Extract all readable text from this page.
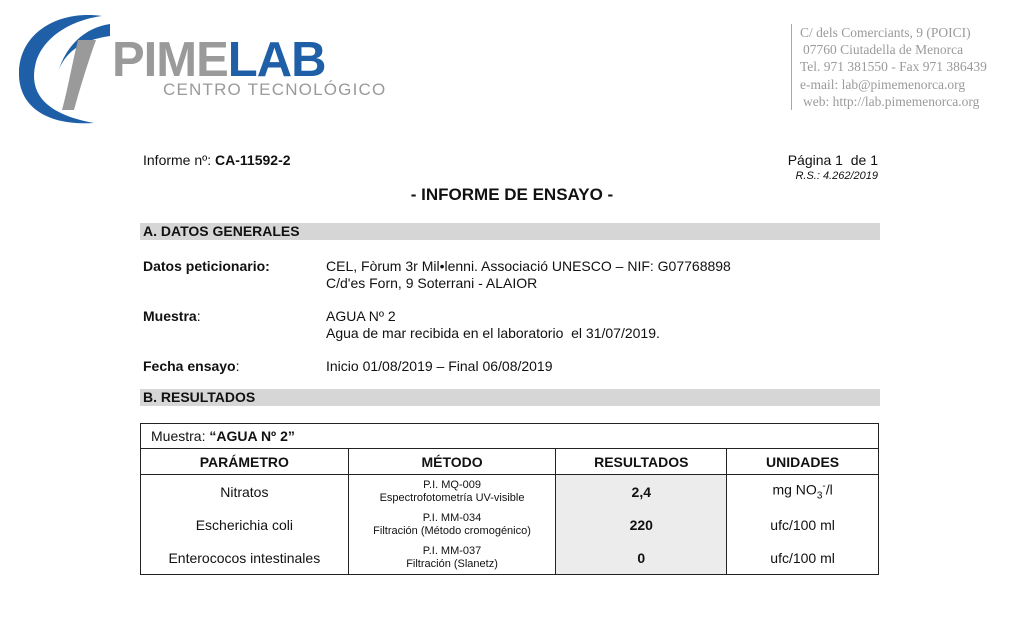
PIMELAB
CENTRO TECNOLÓGICO
C/ dels Comerciants, 9 (POICI)
07760 Ciutadella de Menorca
Tel. 971 381550 - Fax 971 386439
e-mail: lab@pimemenorca.org
web: http://lab.pimemenorca.org
Informe nº: CA-11592-2	Página 1  de 1
R.S.: 4.262/2019
- INFORME DE ENSAYO -
A. DATOS GENERALES
Datos peticionario:	CEL, Fòrum 3r Mil•lenni. Associació UNESCO – NIF: G07768898
C/d'es Forn, 9 Soterrani - ALAIOR
Muestra:	AGUA Nº 2
Agua de mar recibida en el laboratorio  el 31/07/2019.
Fecha ensayo:	Inicio 01/08/2019 – Final 06/08/2019
B. RESULTADOS
Muestra: “AGUA Nº 2”			
PARÁMETRO	MÉTODO	RESULTADOS	UNIDADES
Nitratos	P.I. MQ-009
Espectrofotometría UV-visible	2,4	mg $NO_3^-/l$
Escherichia coli	P.I. MM-034
Filtración (Método cromogénico)	220	ufc/100 ml
Enterococos intestinales	P.I. MM-037
Filtración (Slanetz)	0	ufc/100 ml
